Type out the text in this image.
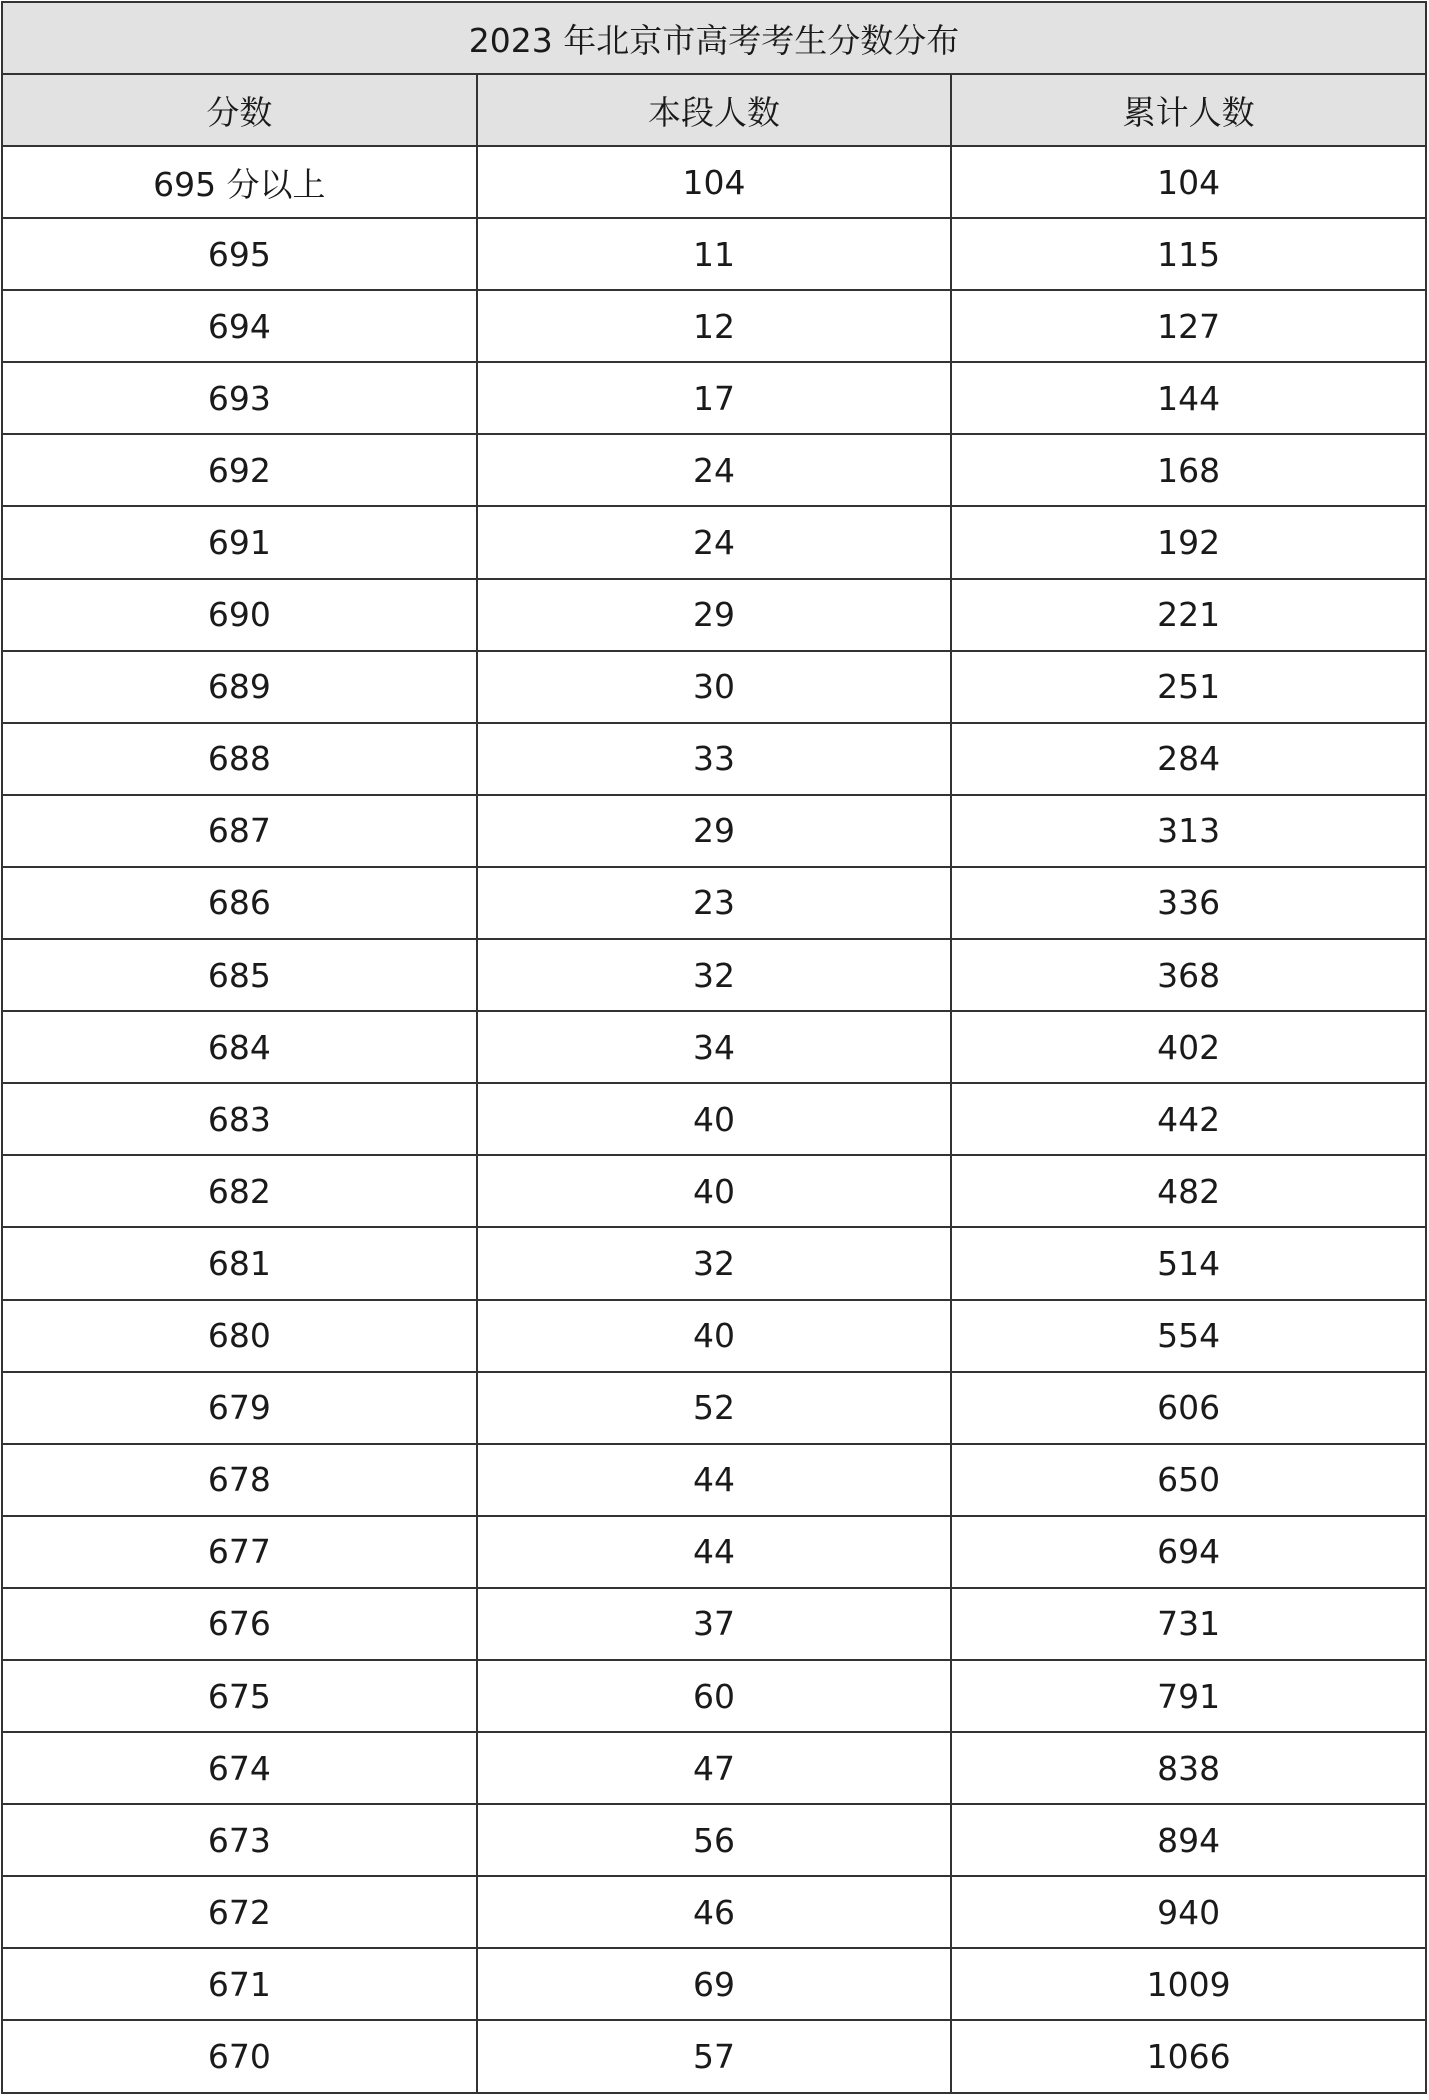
2023 年北京市高考考生分数分布		
分数	本段人数	累计人数
695 分以上	104	104
695	11	115
694	12	127
693	17	144
692	24	168
691	24	192
690	29	221
689	30	251
688	33	284
687	29	313
686	23	336
685	32	368
684	34	402
683	40	442
682	40	482
681	32	514
680	40	554
679	52	606
678	44	650
677	44	694
676	37	731
675	60	791
674	47	838
673	56	894
672	46	940
671	69	1009
670	57	1066
